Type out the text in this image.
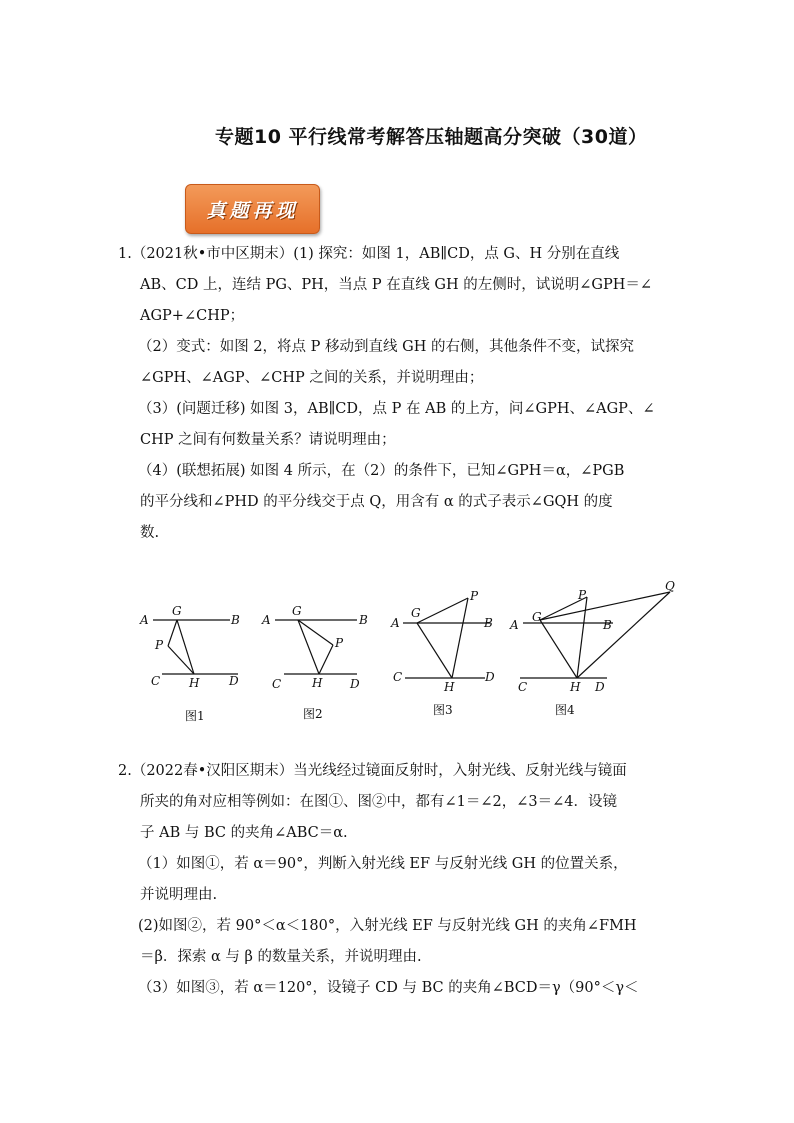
专题10 平行线常考解答压轴题高分突破（30道）
真题再现
1.（2021秋•市中区期末）(1) 探究：如图 1，AB∥CD，点 G、H 分别在直线
AB、CD 上，连结 PG、PH，当点 P 在直线 GH 的左侧时，试说明∠GPH＝∠
AGP+∠CHP；
（2）变式：如图 2，将点 P 移动到直线 GH 的右侧，其他条件不变，试探究
∠GPH、∠AGP、∠CHP 之间的关系，并说明理由；
（3）(问题迁移) 如图 3，AB∥CD，点 P 在 AB 的上方，问∠GPH、∠AGP、∠
CHP 之间有何数量关系？请说明理由；
（4）(联想拓展) 如图 4 所示，在（2）的条件下，已知∠GPH＝α，∠PGB
的平分线和∠PHD 的平分线交于点 Q，用含有 α 的式子表示∠GQH 的度
数.
A	B
C	D
G
H
P
A	B
C	D
G
H
P
A	B
C	D
G
H
P
A	B
C	D
G
H
P
Q
图1	图2	图3	图4
2.（2022春•汉阳区期末）当光线经过镜面反射时，入射光线、反射光线与镜面
所夹的角对应相等例如：在图①、图②中，都有∠1＝∠2，∠3＝∠4．设镜
子 AB 与 BC 的夹角∠ABC＝α.
（1）如图①，若 α＝90°，判断入射光线 EF 与反射光线 GH 的位置关系，
并说明理由.
(2)如图②，若 90°＜α＜180°，入射光线 EF 与反射光线 GH 的夹角∠FMH
＝β．探索 α 与 β 的数量关系，并说明理由.
（3）如图③，若 α＝120°，设镜子 CD 与 BC 的夹角∠BCD＝γ（90°＜γ＜
